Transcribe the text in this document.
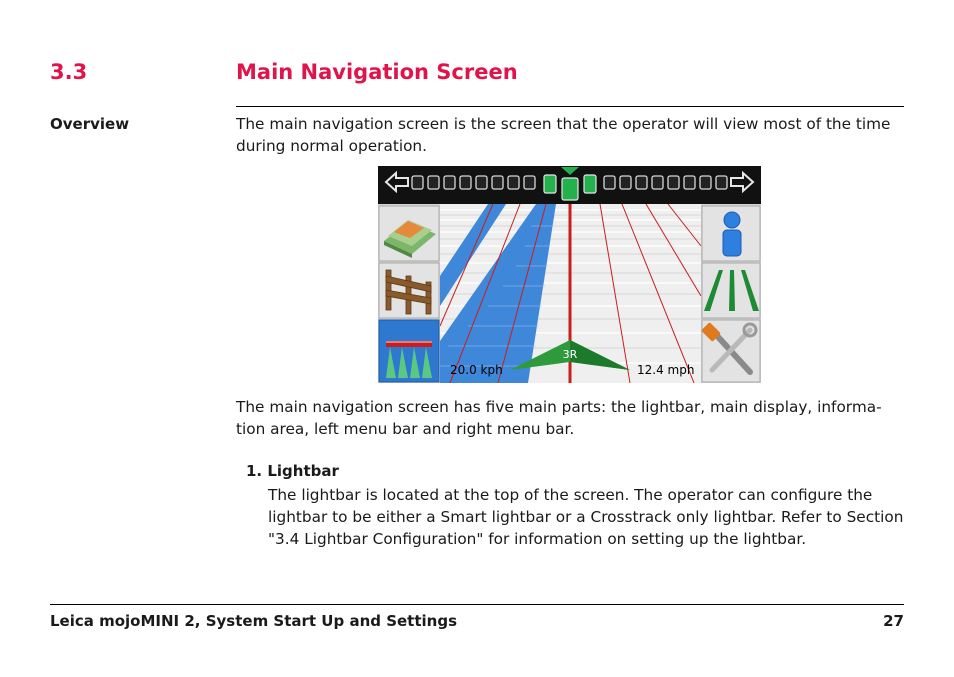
3.3	Main Navigation Screen
Overview	The main navigation screen is the screen that the operator will view most of the time during normal operation.
3R
20.0 kph	12.4 mph
The main navigation screen has five main parts: the lightbar, main display, informa-tion area, left menu bar and right menu bar.
1. Lightbar
The lightbar is located at the top of the screen. The operator can configure the lightbar to be either a Smart lightbar or a Crosstrack only lightbar. Refer to Section "3.4 Lightbar Configuration" for information on setting up the lightbar.
Leica mojoMINI 2, System Start Up and Settings	27
